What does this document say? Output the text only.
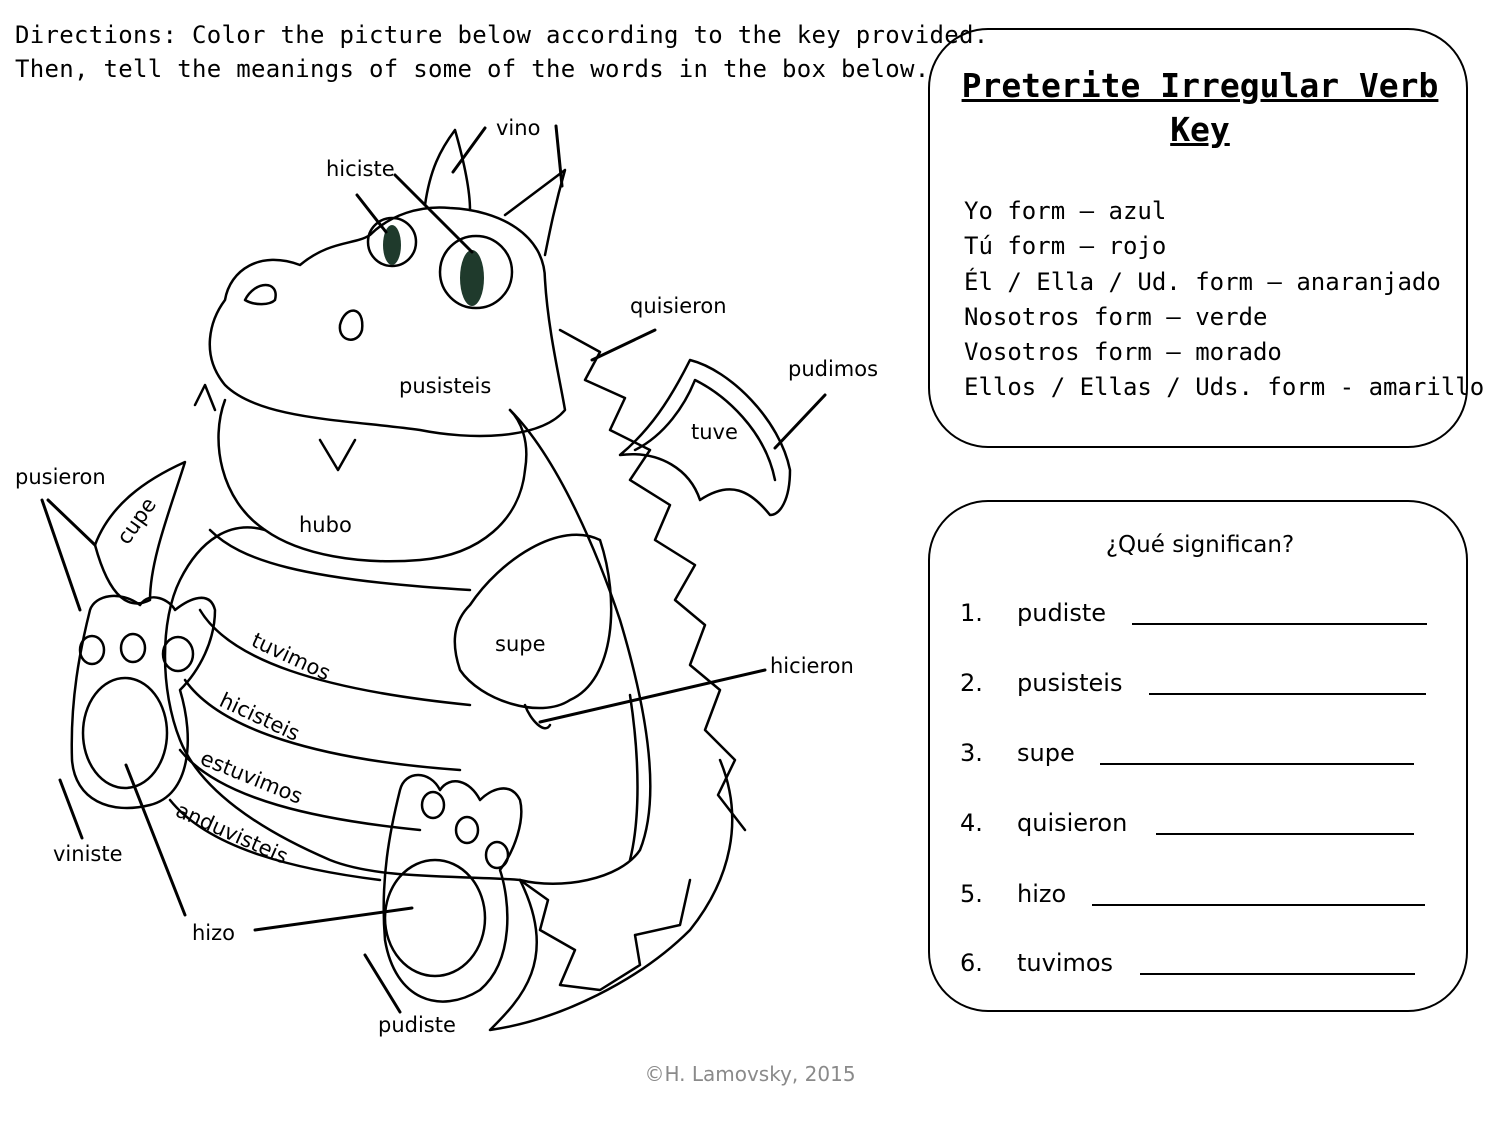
Directions: Color the picture below according to the key provided.
Then, tell the meanings of some of the words in the box below.
vino
hiciste
quisieron
pudimos
tuve
pusisteis
pusieron
cupe	hubo
supe
hicieron
tuvimos
hicisteis
estuvimos
anduvisteis
viniste
hizo
pudiste
Preterite Irregular Verb
Key
Yo form – azul
Tú form – rojo
Él / Ella / Ud. form – anaranjado
Nosotros form – verde
Vosotros form – morado
Ellos / Ellas / Uds. form - amarillo
¿Qué significan?
1. pudiste
2. pusisteis
3. supe
4. quisieron
5. hizo
6. tuvimos
©H. Lamovsky, 2015
